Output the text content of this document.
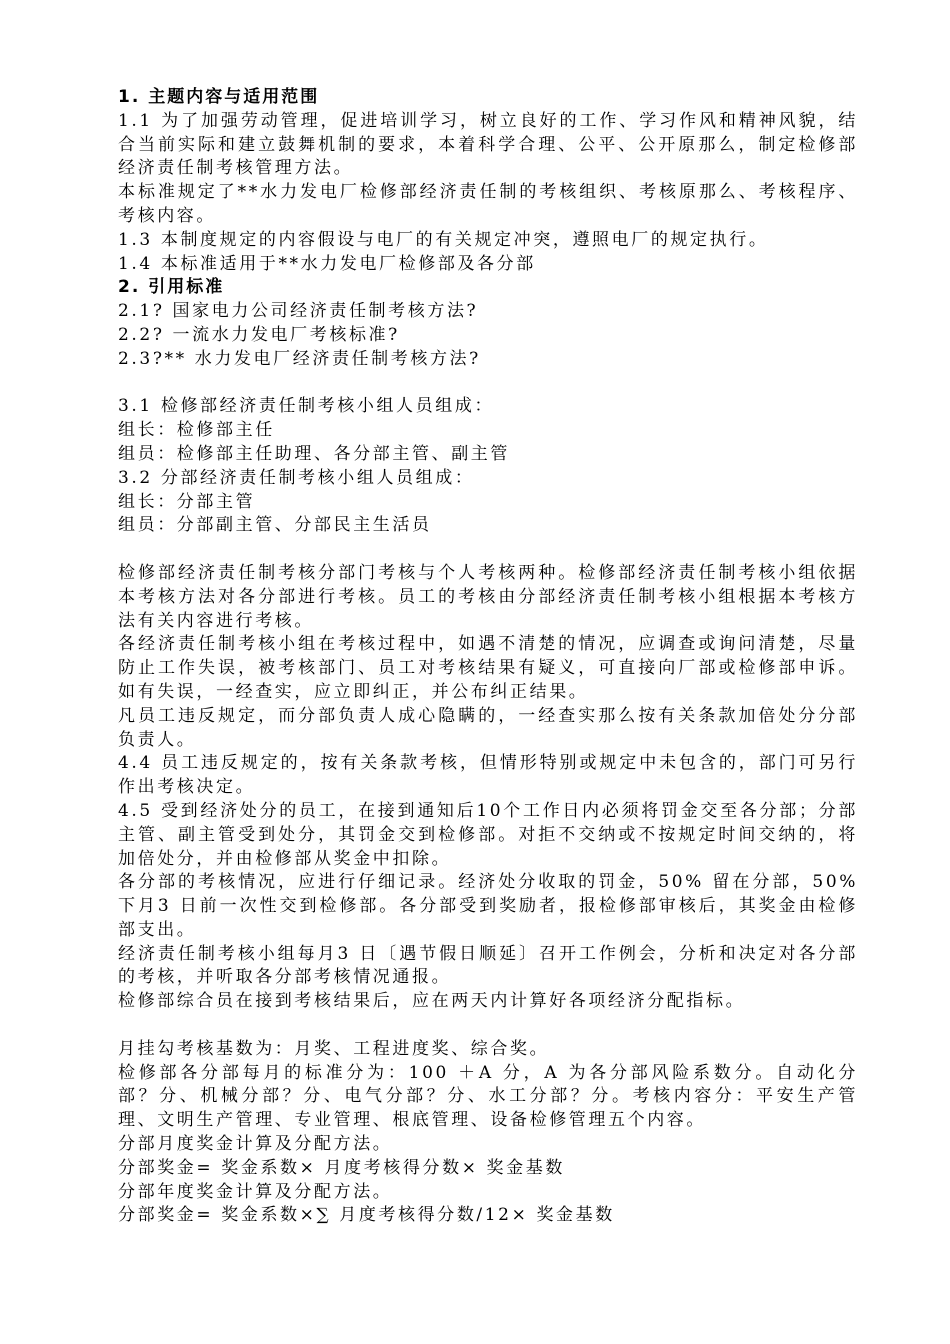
1. 主题内容与适用范围

1.1 为了加强劳动管理，促进培训学习，树立良好的工作、学习作风和精神风貌，结合当前实际和建立鼓舞机制的要求，本着科学合理、公平、公开原那么，制定检修部经济责任制考核管理方法。

本标准规定了**水力发电厂检修部经济责任制的考核组织、考核原那么、考核程序、考核内容。

1.3 本制度规定的内容假设与电厂的有关规定冲突，遵照电厂的规定执行。

1.4 本标准适用于**水力发电厂检修部及各分部

2. 引用标准

2.1? 国家电力公司经济责任制考核方法?

2.2? 一流水力发电厂考核标准?

2.3?** 水力发电厂经济责任制考核方法?

3.1 检修部经济责任制考核小组人员组成：

组长：检修部主任

组员：检修部主任助理、各分部主管、副主管

3.2 分部经济责任制考核小组人员组成：

组长：分部主管

组员：分部副主管、分部民主生活员

检修部经济责任制考核分部门考核与个人考核两种。检修部经济责任制考核小组依据本考核方法对各分部进行考核。员工的考核由分部经济责任制考核小组根据本考核方法有关内容进行考核。

各经济责任制考核小组在考核过程中，如遇不清楚的情况，应调查或询问清楚，尽量防止工作失误，被考核部门、员工对考核结果有疑义，可直接向厂部或检修部申诉。如有失误，一经查实，应立即纠正，并公布纠正结果。

凡员工违反规定，而分部负责人成心隐瞒的，一经查实那么按有关条款加倍处分分部负责人。

4.4 员工违反规定的，按有关条款考核，但情形特别或规定中未包含的，部门可另行作出考核决定。

4.5 受到经济处分的员工，在接到通知后10个工作日内必须将罚金交至各分部；分部主管、副主管受到处分，其罚金交到检修部。对拒不交纳或不按规定时间交纳的，将加倍处分，并由检修部从奖金中扣除。

各分部的考核情况，应进行仔细记录。经济处分收取的罚金，50% 留在分部，50% 下月3 日前一次性交到检修部。各分部受到奖励者，报检修部审核后，其奖金由检修部支出。

经济责任制考核小组每月3 日〔遇节假日顺延〕召开工作例会，分析和决定对各分部的考核，并听取各分部考核情况通报。

检修部综合员在接到考核结果后，应在两天内计算好各项经济分配指标。

月挂勾考核基数为：月奖、工程进度奖、综合奖。

检修部各分部每月的标准分为：100 ＋A 分，A 为各分部风险系数分。自动化分部？分、机械分部？分、电气分部？分、水工分部？分。考核内容分：平安生产管理、文明生产管理、专业管理、根底管理、设备检修管理五个内容。

分部月度奖金计算及分配方法。

分部奖金= 奖金系数× 月度考核得分数× 奖金基数

分部年度奖金计算及分配方法。

分部奖金= 奖金系数×∑ 月度考核得分数/12× 奖金基数
